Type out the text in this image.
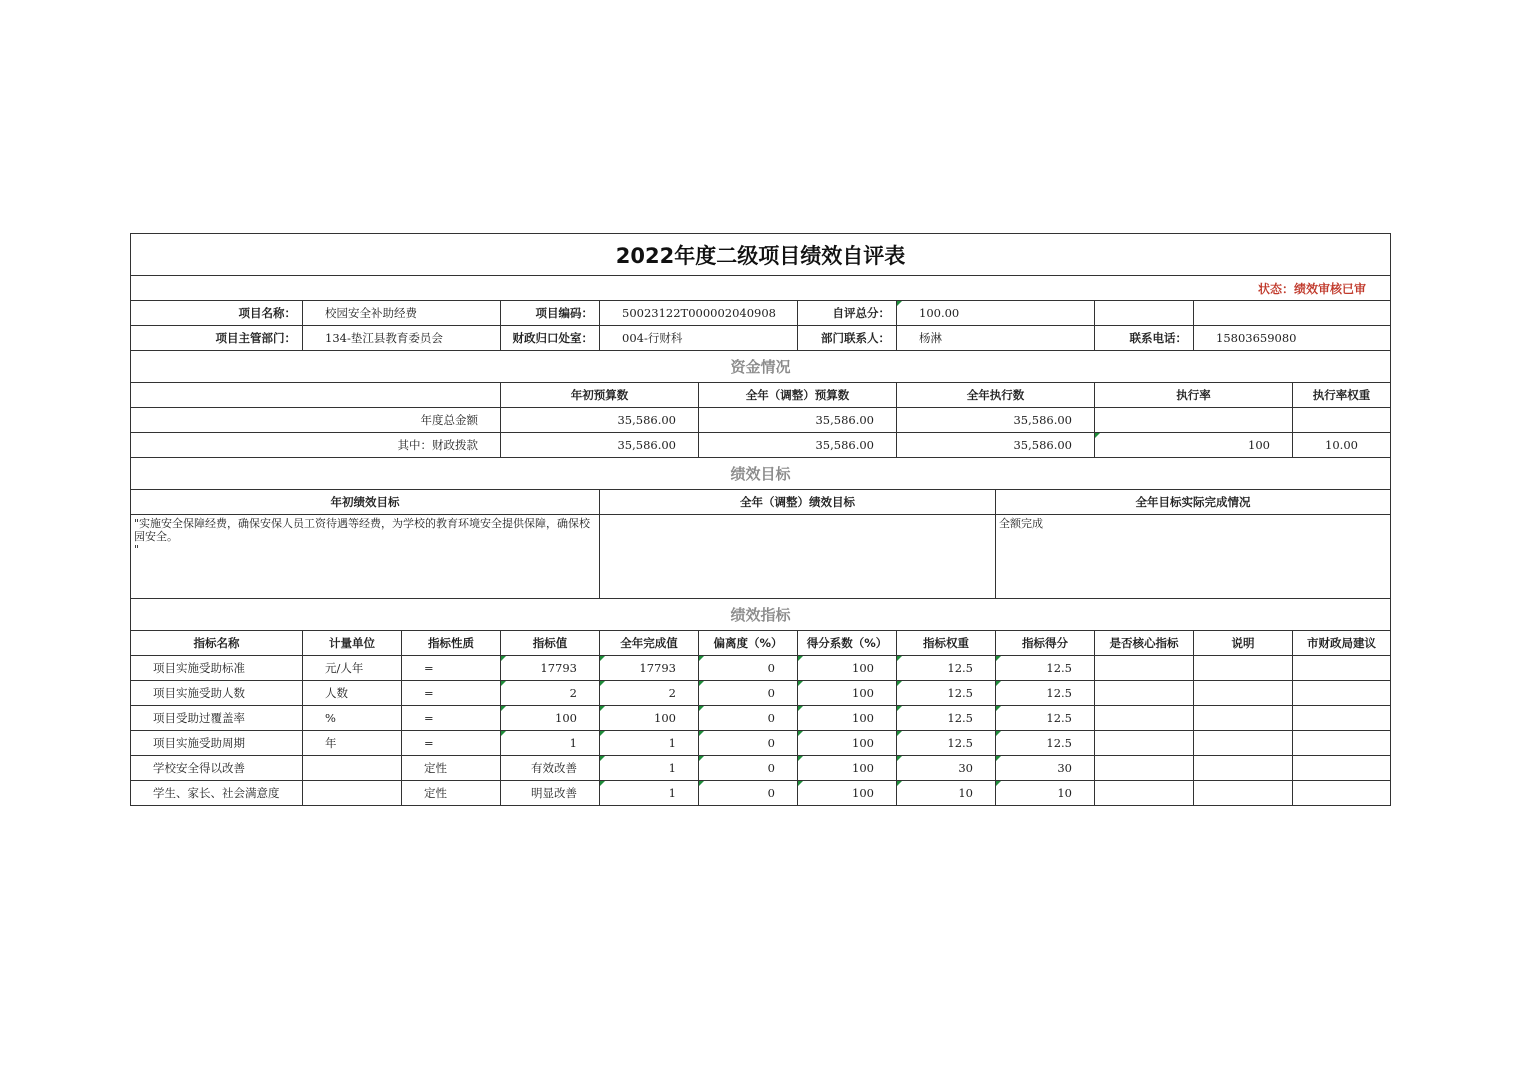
2022年度二级项目绩效自评表												
状态：绩效审核已审												
项目名称：	校园安全补助经费		项目编码：	50023122T000002040908		自评总分：	100.00					
项目主管部门：	134-垫江县教育委员会		财政归口处室：	004-行财科		部门联系人：	杨淋		联系电话：	15803659080		
资金情况												
			年初预算数		全年（调整）预算数		全年执行数		执行率		执行率权重	
年度总金额			35,586.00		35,586.00		35,586.00					
其中：财政拨款			35,586.00		35,586.00		35,586.00		100		10.00	
绩效目标												
年初绩效目标				全年（调整）绩效目标				全年目标实际完成情况				
"实施安全保障经费，确保安保人员工资待遇等经费，为学校的教育环境安全提供保障，确保校园安全。
"								全额完成				
绩效指标												
指标名称	计量单位	指标性质	指标值	全年完成值	偏离度（%）	得分系数（%）	指标权重	指标得分	是否核心指标	说明	市财政局建议	
项目实施受助标准	元/人年	=	17793	17793	0	100	12.5	12.5				
项目实施受助人数	人数	=	2	2	0	100	12.5	12.5				
项目受助过覆盖率	%	=	100	100	0	100	12.5	12.5				
项目实施受助周期	年	=	1	1	0	100	12.5	12.5				
学校安全得以改善		定性	有效改善	1	0	100	30	30				
学生、家长、社会满意度		定性	明显改善	1	0	100	10	10				
